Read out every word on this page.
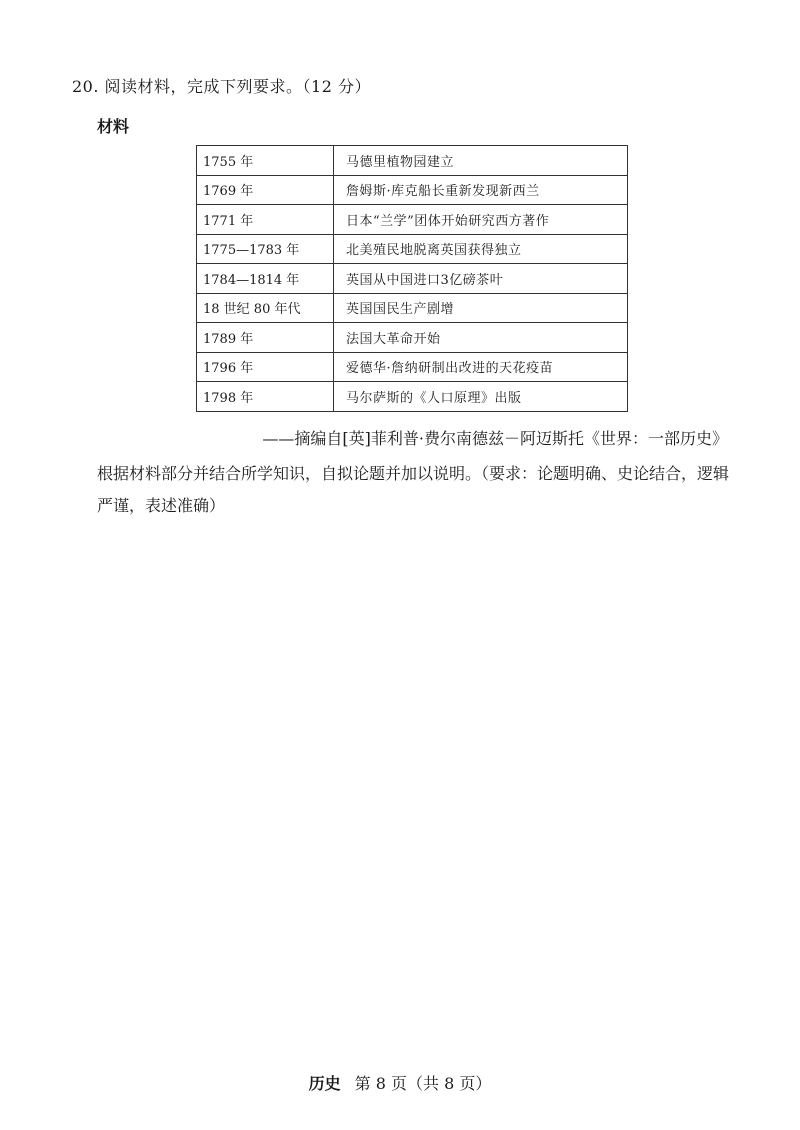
20. 阅读材料，完成下列要求。（12 分）
材料
1755 年	马德里植物园建立
1769 年	詹姆斯·库克船长重新发现新西兰
1771 年	日本“兰学”团体开始研究西方著作
1775—1783 年	北美殖民地脱离英国获得独立
1784—1814 年	英国从中国进口3亿磅茶叶
18 世纪 80 年代	英国国民生产剧增
1789 年	法国大革命开始
1796 年	爱德华·詹纳研制出改进的天花疫苗
1798 年	马尔萨斯的《人口原理》出版
——摘编自[英]菲利普·费尔南德兹－阿迈斯托《世界：一部历史》
根据材料部分并结合所学知识，自拟论题并加以说明。（要求：论题明确、史论结合，逻辑严谨，表述准确）
历史 第 8 页（共 8 页）
